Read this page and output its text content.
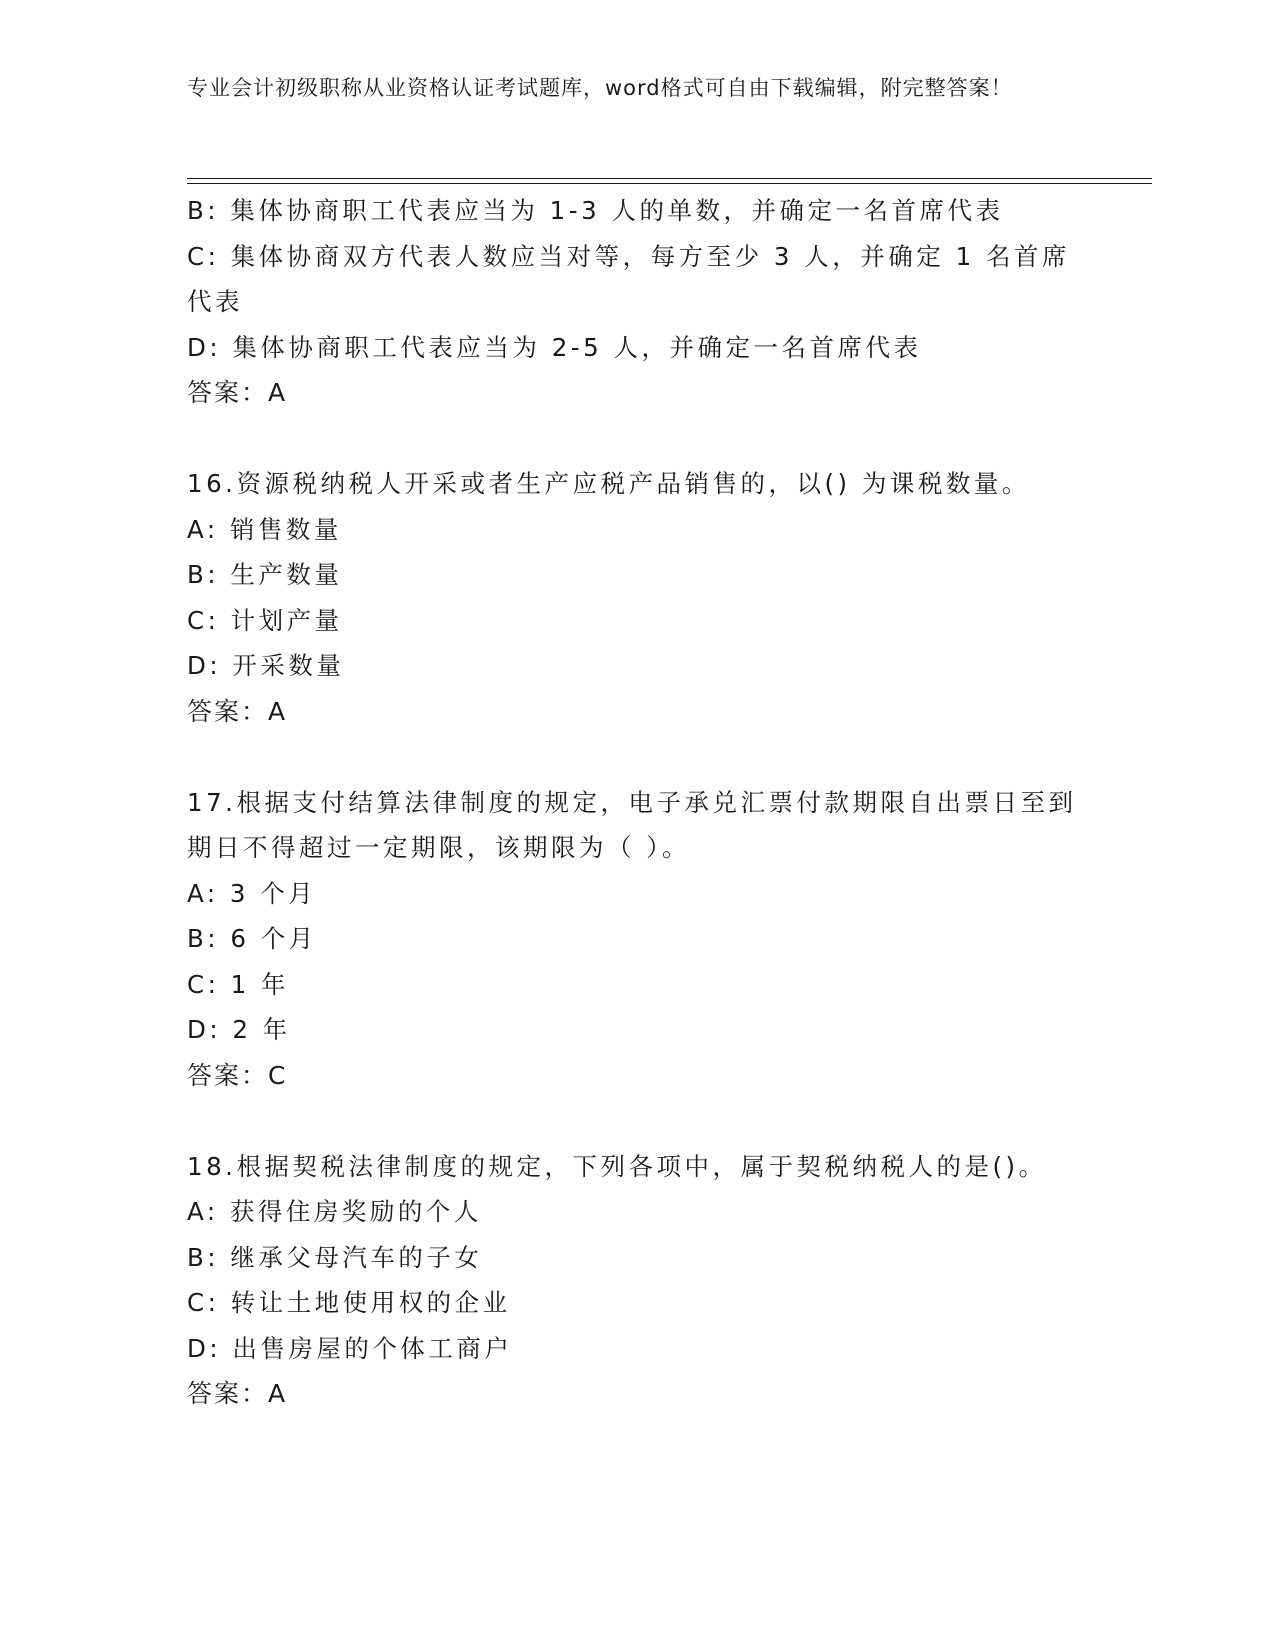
专业会计初级职称从业资格认证考试题库，word格式可自由下载编辑，附完整答案！
B: 集体协商职工代表应当为 1-3 人的单数，并确定一名首席代表
C: 集体协商双方代表人数应当对等，每方至少 3 人，并确定 1 名首席代表
D: 集体协商职工代表应当为 2-5 人，并确定一名首席代表
答案：A
16.资源税纳税人开采或者生产应税产品销售的，以() 为课税数量。
A: 销售数量
B: 生产数量
C: 计划产量
D: 开采数量
答案：A
17.根据支付结算法律制度的规定，电子承兑汇票付款期限自出票日至到期日不得超过一定期限，该期限为（ ）。
A: 3 个月
B: 6 个月
C: 1 年
D: 2 年
答案：C
18.根据契税法律制度的规定，下列各项中，属于契税纳税人的是()。
A: 获得住房奖励的个人
B: 继承父母汽车的子女
C: 转让土地使用权的企业
D: 出售房屋的个体工商户
答案：A
